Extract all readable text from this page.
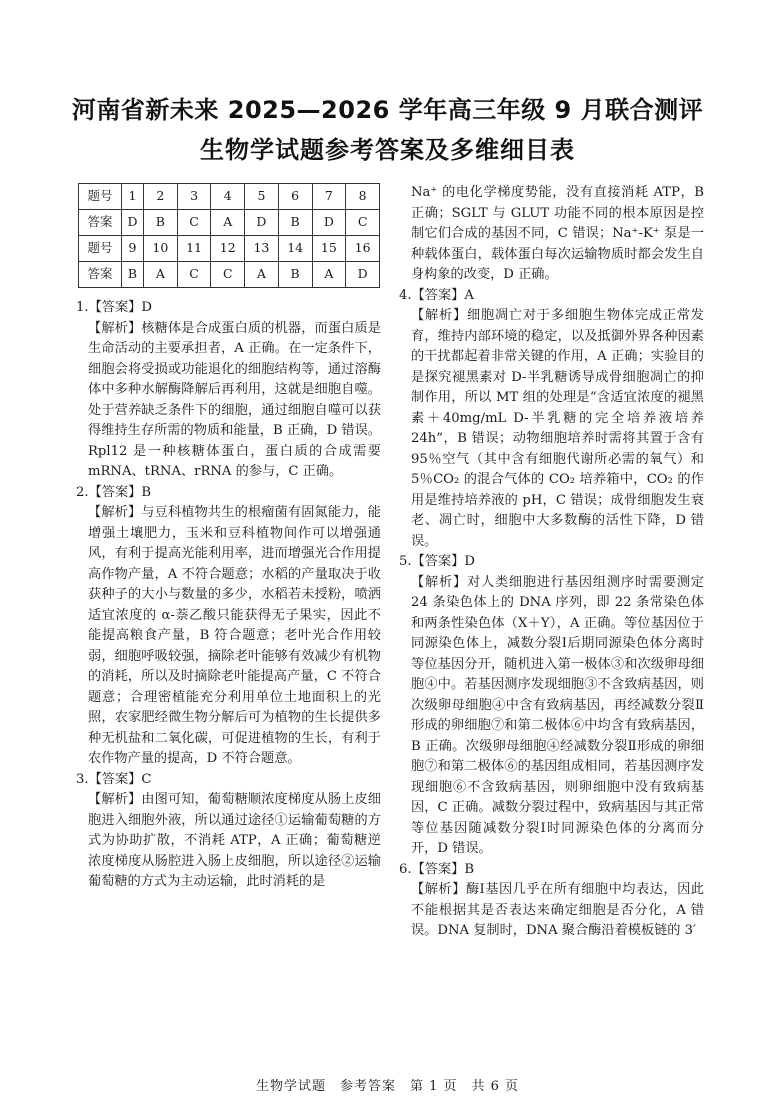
河南省新未来 2025—2026 学年高三年级 9 月联合测评
生物学试题参考答案及多维细目表
题号	1	2	3	4	5	6	7	8
答案	D	B	C	A	D	B	D	C
题号	9	10	11	12	13	14	15	16
答案	B	A	C	C	A	B	A	D

1.【答案】D

【解析】核糖体是合成蛋白质的机器，而蛋白质是生命活动的主要承担者，A 正确。在一定条件下，细胞会将受损或功能退化的细胞结构等，通过溶酶体中多种水解酶降解后再利用，这就是细胞自噬。处于营养缺乏条件下的细胞，通过细胞自噬可以获得维持生存所需的物质和能量，B 正确，D 错误。Rpl12 是一种核糖体蛋白，蛋白质的合成需要 mRNA、tRNA、rRNA 的参与，C 正确。

2.【答案】B

【解析】与豆科植物共生的根瘤菌有固氮能力，能增强土壤肥力，玉米和豆科植物间作可以增强通风，有利于提高光能利用率，进而增强光合作用提高作物产量，A 不符合题意；水稻的产量取决于收获种子的大小与数量的多少，水稻若未授粉，喷洒适宜浓度的 α-萘乙酸只能获得无子果实，因此不能提高粮食产量，B 符合题意；老叶光合作用较弱，细胞呼吸较强，摘除老叶能够有效减少有机物的消耗，所以及时摘除老叶能提高产量，C 不符合题意；合理密植能充分利用单位土地面积上的光照，农家肥经微生物分解后可为植物的生长提供多种无机盐和二氧化碳，可促进植物的生长，有利于农作物产量的提高，D 不符合题意。

3.【答案】C

【解析】由图可知，葡萄糖顺浓度梯度从肠上皮细胞进入细胞外液，所以通过途径①运输葡萄糖的方式为协助扩散，不消耗 ATP，A 正确；葡萄糖逆浓度梯度从肠腔进入肠上皮细胞，所以途径②运输葡萄糖的方式为主动运输，此时消耗的是

Na⁺ 的电化学梯度势能，没有直接消耗 ATP，B 正确；SGLT 与 GLUT 功能不同的根本原因是控制它们合成的基因不同，C 错误；Na⁺-K⁺ 泵是一种载体蛋白，载体蛋白每次运输物质时都会发生自身构象的改变，D 正确。

4.【答案】A

【解析】细胞凋亡对于多细胞生物体完成正常发育，维持内部环境的稳定，以及抵御外界各种因素的干扰都起着非常关键的作用，A 正确；实验目的是探究褪黑素对 D-半乳糖诱导成骨细胞凋亡的抑制作用，所以 MT 组的处理是“含适宜浓度的褪黑素＋40mg/mL D-半乳糖的完全培养液培养 24h”，B 错误；动物细胞培养时需将其置于含有 95％空气（其中含有细胞代谢所必需的氧气）和 5％CO₂ 的混合气体的 CO₂ 培养箱中，CO₂ 的作用是维持培养液的 pH，C 错误；成骨细胞发生衰老、凋亡时，细胞中大多数酶的活性下降，D 错误。

5.【答案】D

【解析】对人类细胞进行基因组测序时需要测定 24 条染色体上的 DNA 序列，即 22 条常染色体和两条性染色体（X＋Y），A 正确。等位基因位于同源染色体上，减数分裂Ⅰ后期同源染色体分离时等位基因分开，随机进入第一极体③和次级卵母细胞④中。若基因测序发现细胞③不含致病基因，则次级卵母细胞④中含有致病基因，再经减数分裂Ⅱ形成的卵细胞⑦和第二极体⑥中均含有致病基因，B 正确。次级卵母细胞④经减数分裂Ⅱ形成的卵细胞⑦和第二极体⑥的基因组成相同，若基因测序发现细胞⑥不含致病基因，则卵细胞中没有致病基因，C 正确。减数分裂过程中，致病基因与其正常等位基因随减数分裂Ⅰ时同源染色体的分离而分开，D 错误。

6.【答案】B

【解析】酶Ⅰ基因几乎在所有细胞中均表达，因此不能根据其是否表达来确定细胞是否分化，A 错误。DNA 复制时，DNA 聚合酶沿着模板链的 3′

生物学试题　参考答案　第 1 页　共 6 页
